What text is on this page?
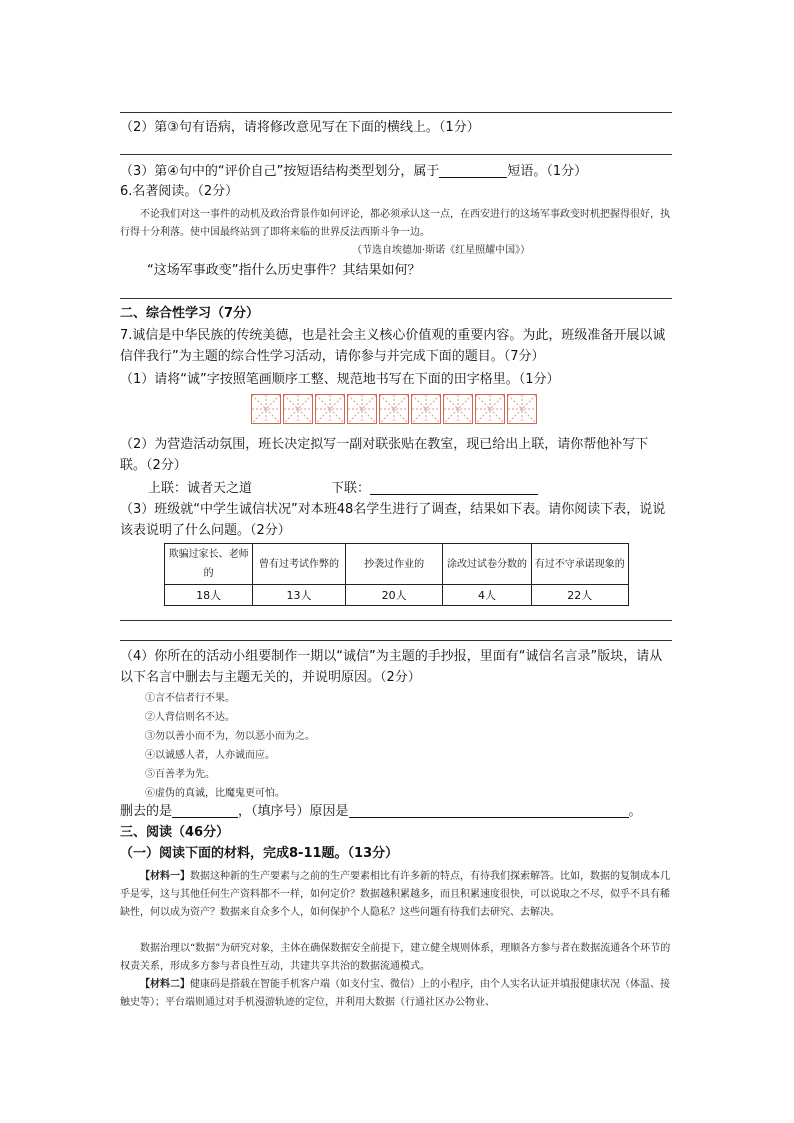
（2）第③句有语病，请将修改意见写在下面的横线上。（1分）
（3）第④句中的“评价自己”按短语结构类型划分，属于	短语。（1分）
6.名著阅读。（2分）
不论我们对这一事件的动机及政治背景作如何评论，都必须承认这一点，在西安进行的这场军事政变时机把握得很好，执行得十分利落。使中国最终站到了即将来临的世界反法西斯斗争一边。
（节选自埃德加·斯诺《红星照耀中国》）
“这场军事政变”指什么历史事件？其结果如何？
二、综合性学习（7分）
7.诚信是中华民族的传统美德，也是社会主义核心价值观的重要内容。为此，班级准备开展以诚信伴我行”为主题的综合性学习活动，请你参与并完成下面的题目。（7分）
（1）请将“诚”字按照笔画顺序工整、规范地书写在下面的田字格里。（1分）
（2）为营造活动氛围，班长决定拟写一副对联张贴在教室，现已给出上联，请你帮他补写下联。（2分）
上联：诚者天之道	下联：
（3）班级就“中学生诚信状况”对本班48名学生进行了调查，结果如下表。请你阅读下表，说说该表说明了什么问题。（2分）
欺骗过家长、老师的	曾有过考试作弊的	抄袭过作业的	涂改过试卷分数的	有过不守承诺现象的
18人	13人	20人	4人	22人
（4）你所在的活动小组要制作一期以“诚信”为主题的手抄报，里面有“诚信名言录”版块，请从以下名言中删去与主题无关的，并说明原因。（2分）
①言不信者行不果。
②人背信则名不达。
③勿以善小而不为，勿以恶小而为之。
④以诚感人者，人亦诚而应。
⑤百善孝为先。
⑥虚伪的真诚，比魔鬼更可怕。
删去的是	，（填序号）原因是	。
三、阅读（46分）
（一）阅读下面的材料，完成8-11题。（13分）
【材料一】数据这种新的生产要素与之前的生产要素相比有许多新的特点，有待我们探索解答。比如，数据的复制成本几乎是零，这与其他任何生产资料都不一样，如何定价？数据越积累越多，而且积累速度很快，可以说取之不尽，似乎不具有稀缺性，何以成为资产？数据来自众多个人，如何保护个人隐私？这些问题有待我们去研究、去解决。
数据治理以“数据”为研究对象，主体在确保数据安全前提下，建立健全规则体系，理顺各方参与者在数据流通各个环节的权责关系，形成多方参与者良性互动，共建共享共治的数据流通模式。
【材料二】健康码是搭载在智能手机客户端（如支付宝、微信）上的小程序，由个人实名认证并填报健康状况（体温、接触史等）；平台端则通过对手机漫游轨迹的定位，并利用大数据（行通社区办公物业、
